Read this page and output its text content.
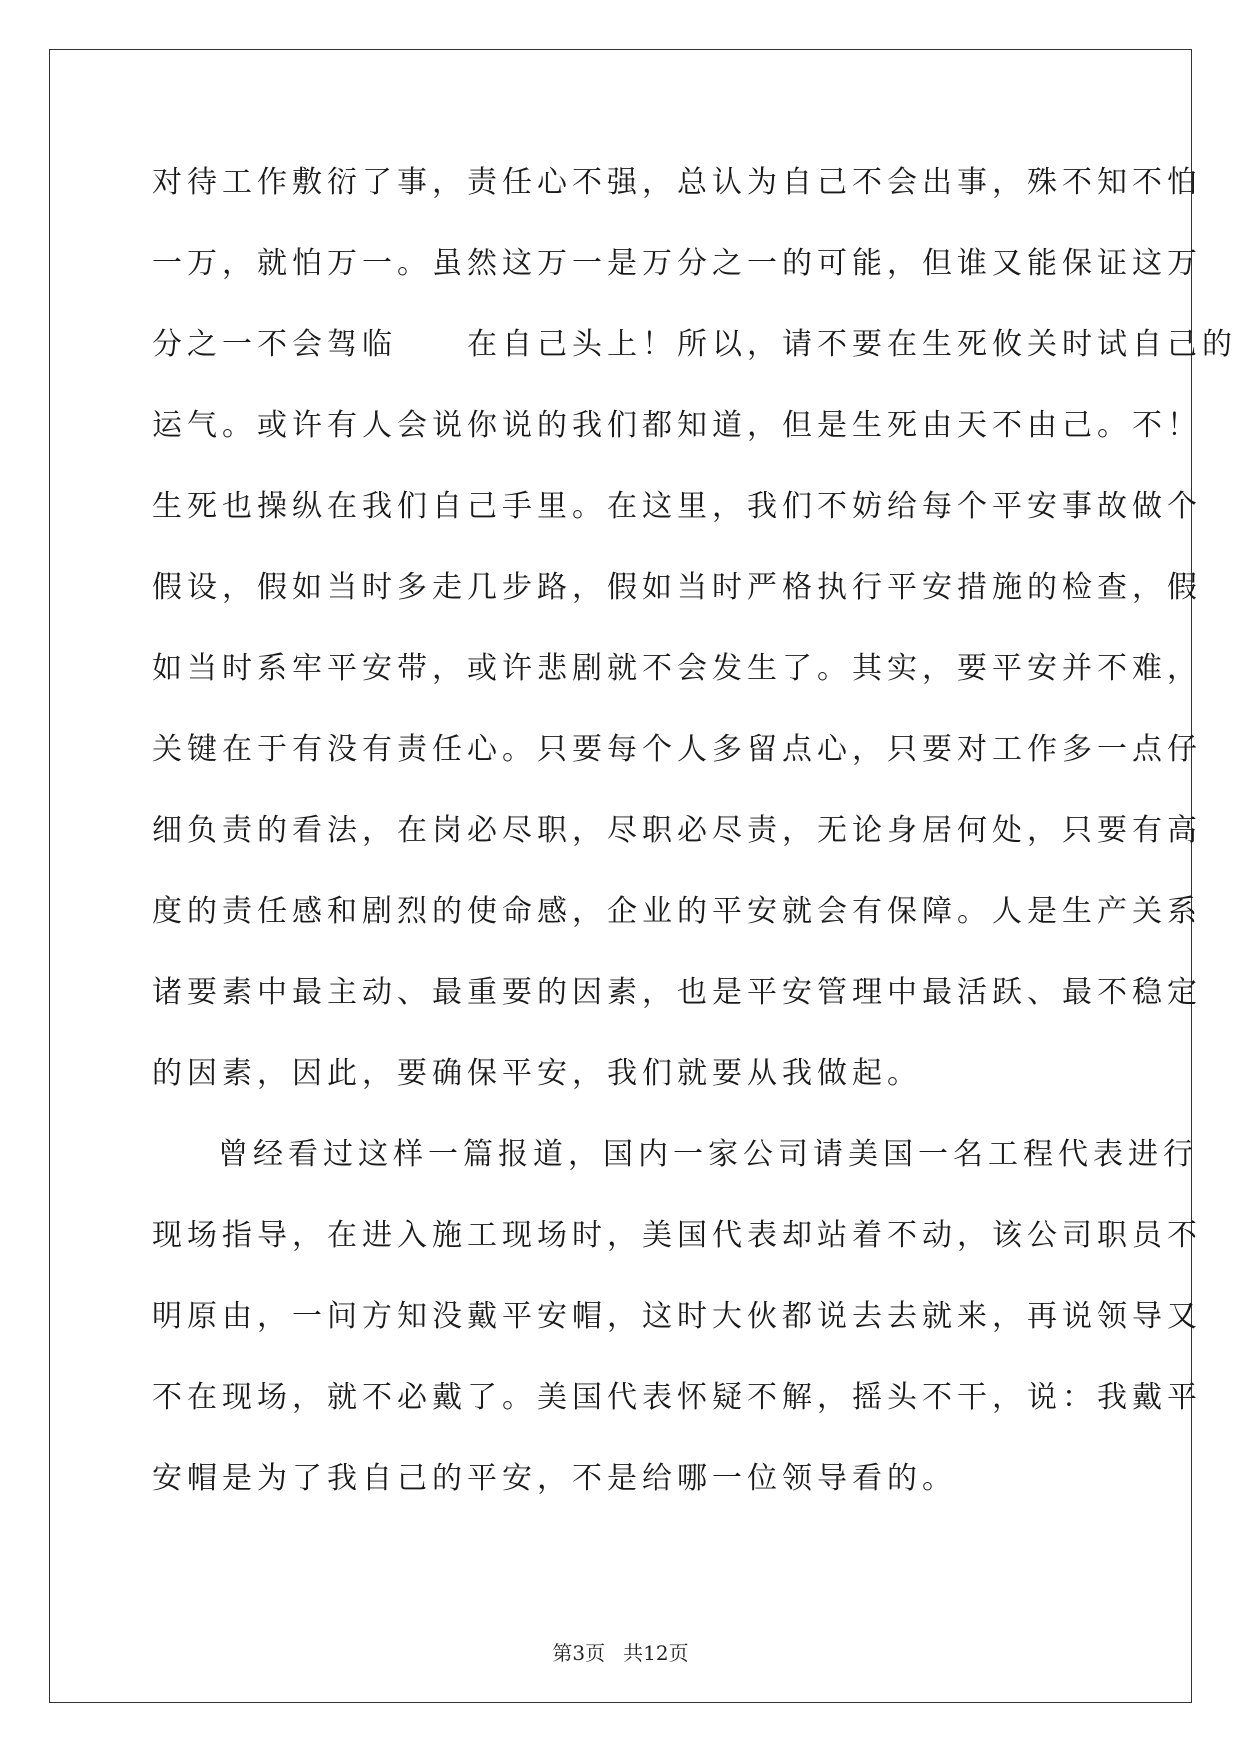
对待工作敷衍了事，责任心不强，总认为自己不会出事，殊不知不怕
一万，就怕万一。虽然这万一是万分之一的可能，但谁又能保证这万
分之一不会驾临　　在自己头上！所以，请不要在生死攸关时试自己的
运气。或许有人会说你说的我们都知道，但是生死由天不由己。不！
生死也操纵在我们自己手里。在这里，我们不妨给每个平安事故做个
假设，假如当时多走几步路，假如当时严格执行平安措施的检查，假
如当时系牢平安带，或许悲剧就不会发生了。其实，要平安并不难，
关键在于有没有责任心。只要每个人多留点心，只要对工作多一点仔
细负责的看法，在岗必尽职，尽职必尽责，无论身居何处，只要有高
度的责任感和剧烈的使命感，企业的平安就会有保障。人是生产关系
诸要素中最主动、最重要的因素，也是平安管理中最活跃、最不稳定
的因素，因此，要确保平安，我们就要从我做起。
曾经看过这样一篇报道，国内一家公司请美国一名工程代表进行
现场指导，在进入施工现场时，美国代表却站着不动，该公司职员不
明原由，一问方知没戴平安帽，这时大伙都说去去就来，再说领导又
不在现场，就不必戴了。美国代表怀疑不解，摇头不干，说：我戴平
安帽是为了我自己的平安，不是给哪一位领导看的。
第3页 共12页
